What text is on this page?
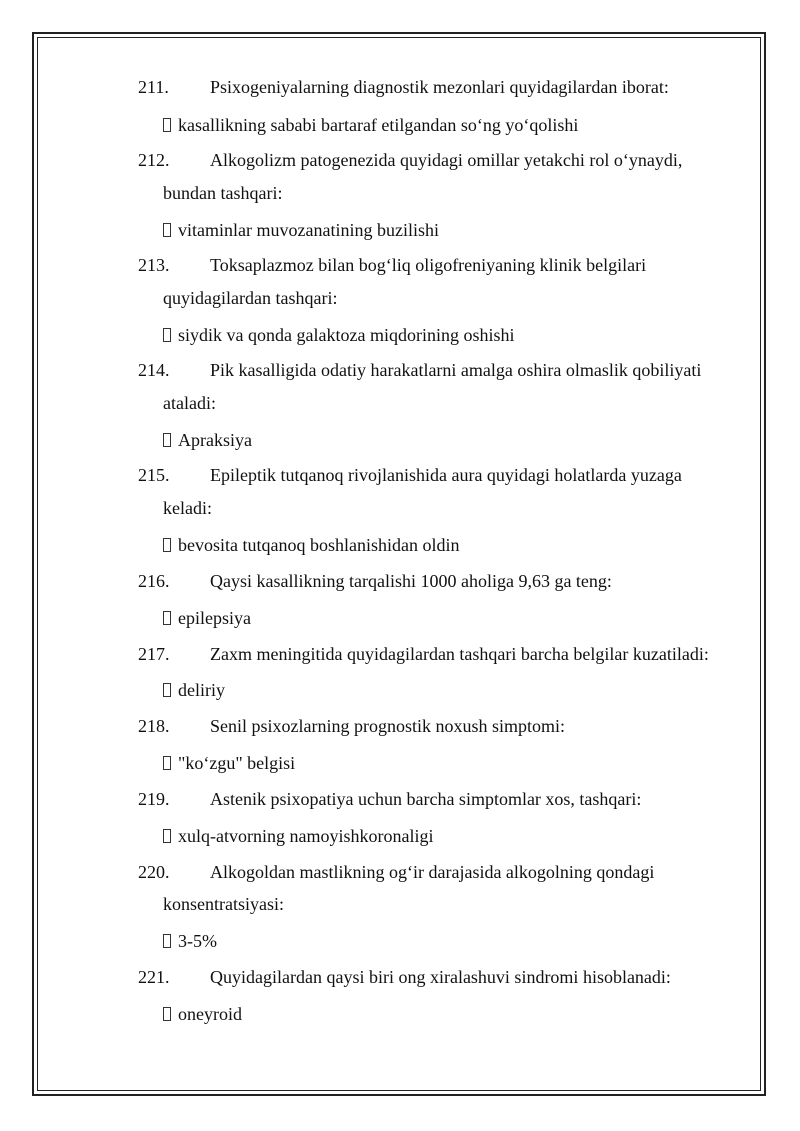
211. Psixogeniyalarning diagnostik mezonlari quyidagilardan iborat:
kasallikning sababi bartaraf etilgandan so‘ng yo‘qolishi
212. Alkogolizm patogenezida quyidagi omillar yetakchi rol o‘ynaydi,
bundan tashqari:
vitaminlar muvozanatining buzilishi
213. Toksaplazmoz bilan bog‘liq oligofreniyaning klinik belgilari
quyidagilardan tashqari:
siydik va qonda galaktoza miqdorining oshishi
214. Pik kasalligida odatiy harakatlarni amalga oshira olmaslik qobiliyati
ataladi:
Apraksiya
215. Epileptik tutqanoq rivojlanishida aura quyidagi holatlarda yuzaga
keladi:
bevosita tutqanoq boshlanishidan oldin
216. Qaysi kasallikning tarqalishi 1000 aholiga 9,63 ga teng:
epilepsiya
217. Zaxm meningitida quyidagilardan tashqari barcha belgilar kuzatiladi:
deliriy
218. Senil psixozlarning prognostik noxush simptomi:
"ko‘zgu" belgisi
219. Astenik psixopatiya uchun barcha simptomlar xos, tashqari:
xulq-atvorning namoyishkoronaligi
220. Alkogoldan mastlikning og‘ir darajasida alkogolning qondagi
konsentratsiyasi:
3-5%
221. Quyidagilardan qaysi biri ong xiralashuvi sindromi hisoblanadi:
oneyroid
